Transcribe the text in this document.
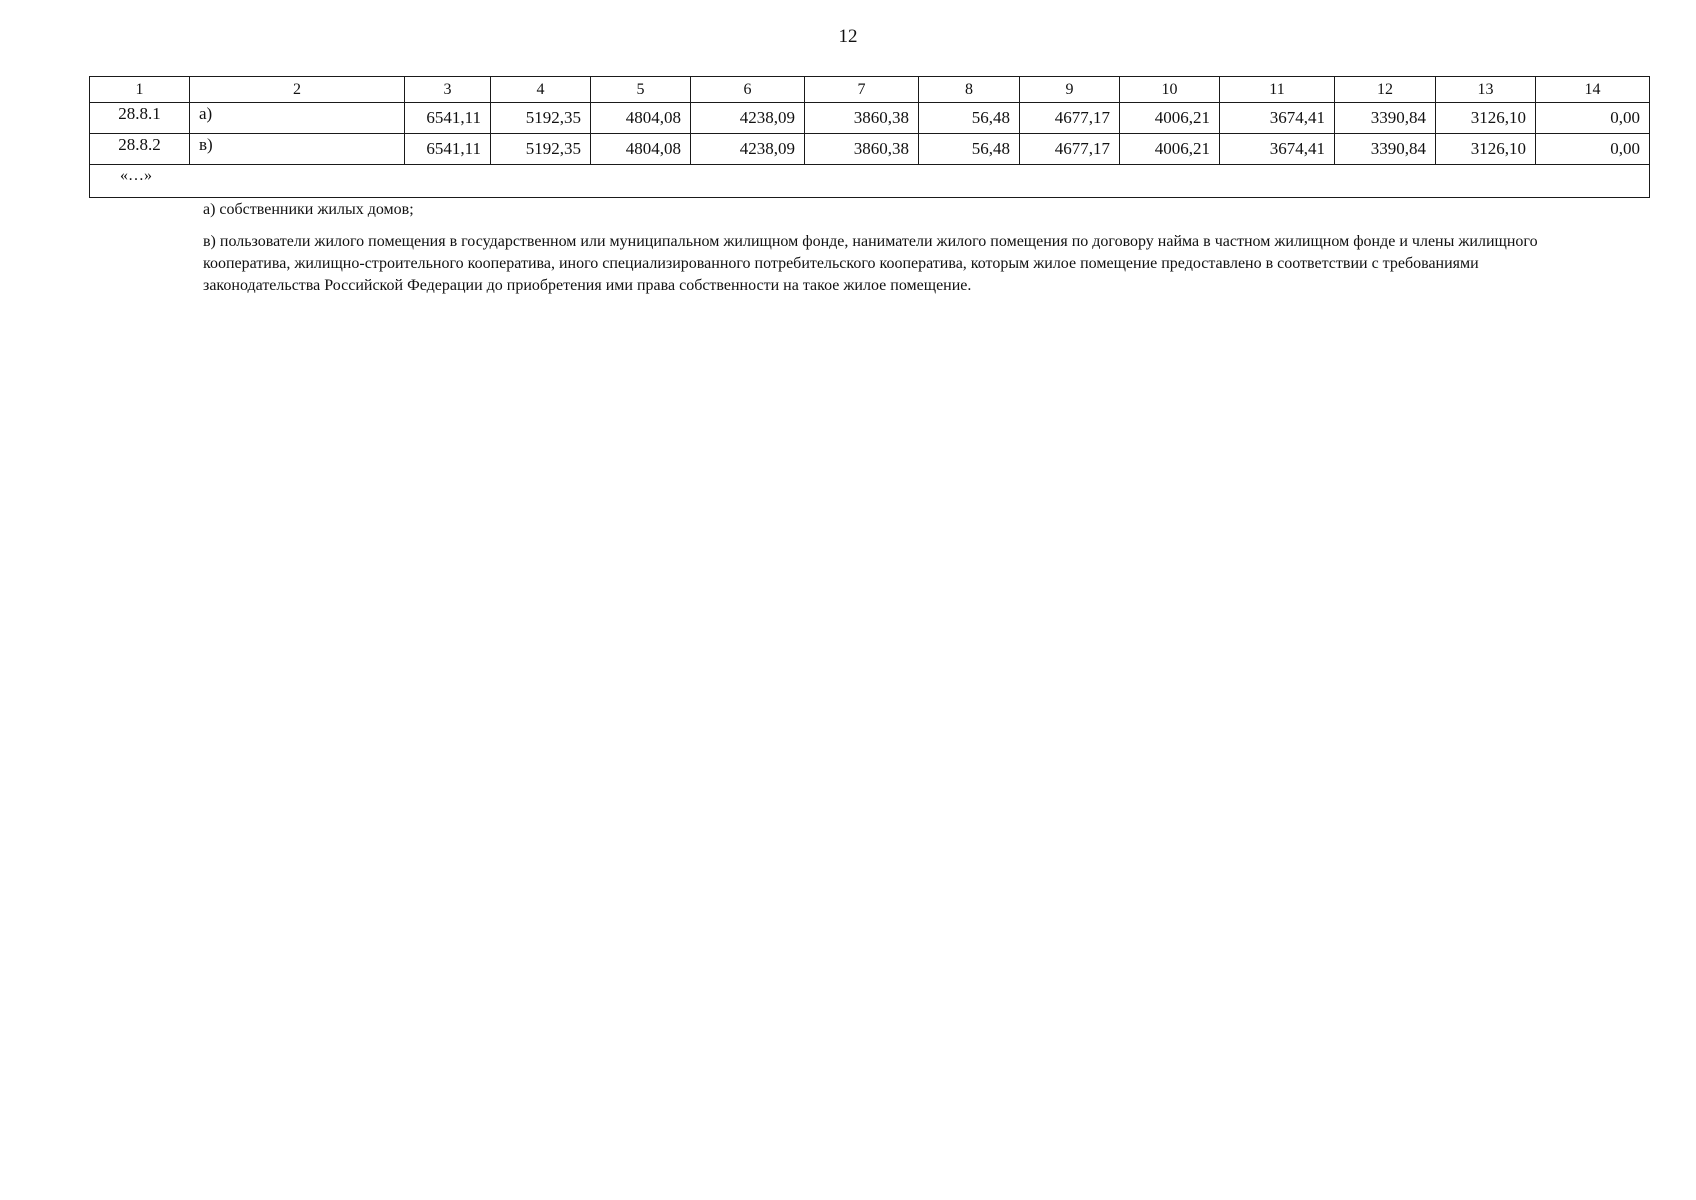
12
1	2	3	4	5	6	7	8	9	10	11	12	13	14
28.8.1	а)	6541,11	5192,35	4804,08	4238,09	3860,38	56,48	4677,17	4006,21	3674,41	3390,84	3126,10	0,00
28.8.2	в)	6541,11	5192,35	4804,08	4238,09	3860,38	56,48	4677,17	4006,21	3674,41	3390,84	3126,10	0,00
«…»													

а) собственники жилых домов;

в) пользователи жилого помещения в государственном или муниципальном жилищном фонде, наниматели жилого помещения по договору найма в частном жилищном фонде и члены жилищного кооператива, жилищно-строительного кооператива, иного специализированного потребительского кооператива, которым жилое помещение предоставлено в соответствии с требованиями законодательства Российской Федерации до приобретения ими права собственности на такое жилое помещение.
